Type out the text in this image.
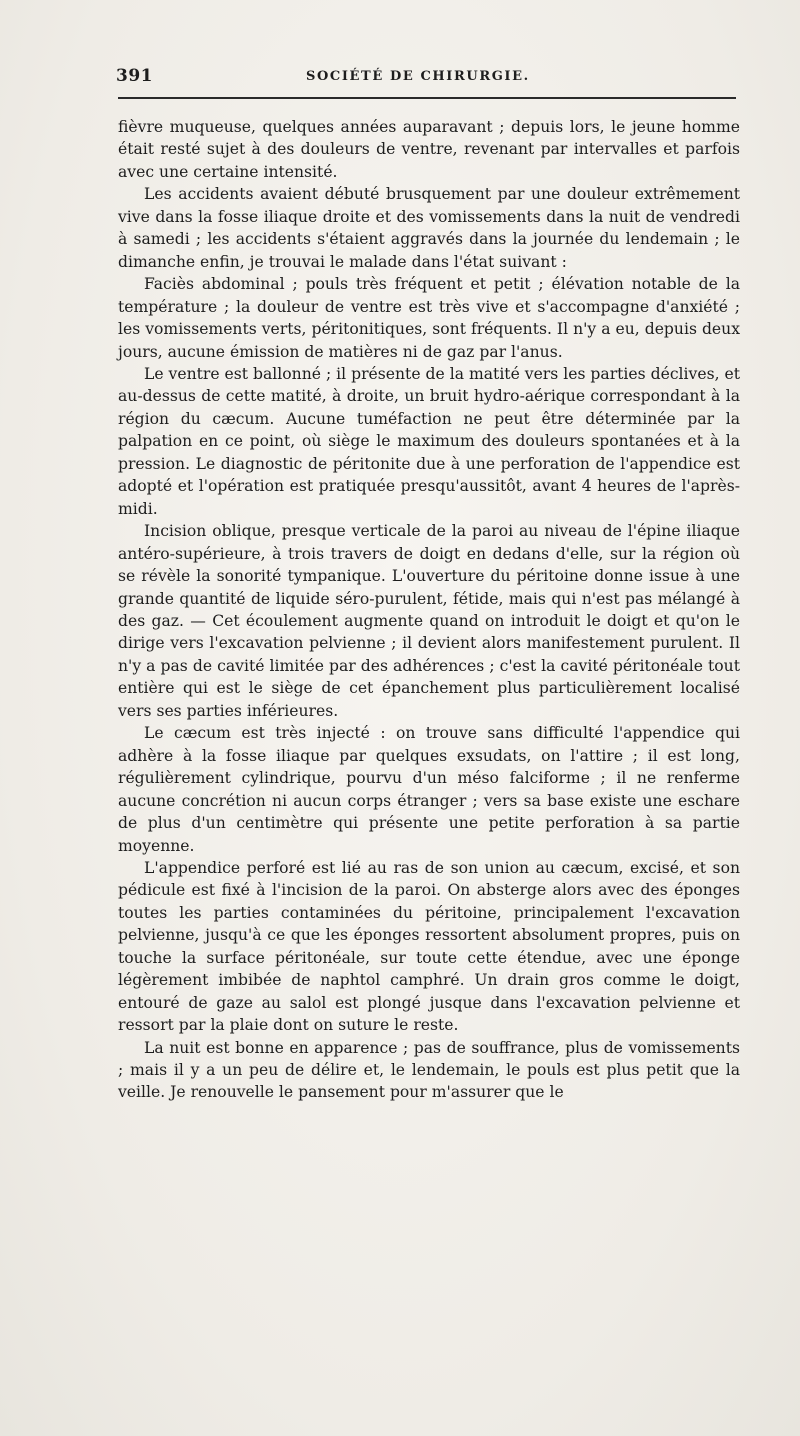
391	SOCIÉTÉ DE CHIRURGIE.

fièvre muqueuse, quelques années auparavant ; depuis lors, le jeune homme était resté sujet à des douleurs de ventre, revenant par intervalles et parfois avec une certaine intensité.

Les accidents avaient débuté brusquement par une douleur extrêmement vive dans la fosse iliaque droite et des vomissements dans la nuit de vendredi à samedi ; les accidents s'étaient aggravés dans la journée du lendemain ; le dimanche enfin, je trouvai le malade dans l'état suivant :

Faciès abdominal ; pouls très fréquent et petit ; élévation notable de la température ; la douleur de ventre est très vive et s'accompagne d'anxiété ; les vomissements verts, péritonitiques, sont fréquents. Il n'y a eu, depuis deux jours, aucune émission de matières ni de gaz par l'anus.

Le ventre est ballonné ; il présente de la matité vers les parties déclives, et au-dessus de cette matité, à droite, un bruit hydro-aérique correspondant à la région du cæcum. Aucune tuméfaction ne peut être déterminée par la palpation en ce point, où siège le maximum des douleurs spontanées et à la pression. Le diagnostic de péritonite due à une perforation de l'appendice est adopté et l'opération est pratiquée presqu'aussitôt, avant 4 heures de l'après-midi.

Incision oblique, presque verticale de la paroi au niveau de l'épine iliaque antéro-supérieure, à trois travers de doigt en dedans d'elle, sur la région où se révèle la sonorité tympanique. L'ouverture du péritoine donne issue à une grande quantité de liquide séro-purulent, fétide, mais qui n'est pas mélangé à des gaz. — Cet écoulement augmente quand on introduit le doigt et qu'on le dirige vers l'excavation pelvienne ; il devient alors manifestement purulent. Il n'y a pas de cavité limitée par des adhérences ; c'est la cavité péritonéale tout entière qui est le siège de cet épanchement plus particulièrement localisé vers ses parties inférieures.

Le cæcum est très injecté : on trouve sans difficulté l'appendice qui adhère à la fosse iliaque par quelques exsudats, on l'attire ; il est long, régulièrement cylindrique, pourvu d'un méso falciforme ; il ne renferme aucune concrétion ni aucun corps étranger ; vers sa base existe une eschare de plus d'un centimètre qui présente une petite perforation à sa partie moyenne.

L'appendice perforé est lié au ras de son union au cæcum, excisé, et son pédicule est fixé à l'incision de la paroi. On absterge alors avec des éponges toutes les parties contaminées du péritoine, principalement l'excavation pelvienne, jusqu'à ce que les éponges ressortent absolument propres, puis on touche la surface péritonéale, sur toute cette étendue, avec une éponge légèrement imbibée de naphtol camphré. Un drain gros comme le doigt, entouré de gaze au salol est plongé jusque dans l'excavation pelvienne et ressort par la plaie dont on suture le reste.

La nuit est bonne en apparence ; pas de souffrance, plus de vomissements ; mais il y a un peu de délire et, le lendemain, le pouls est plus petit que la veille. Je renouvelle le pansement pour m'assurer que le
